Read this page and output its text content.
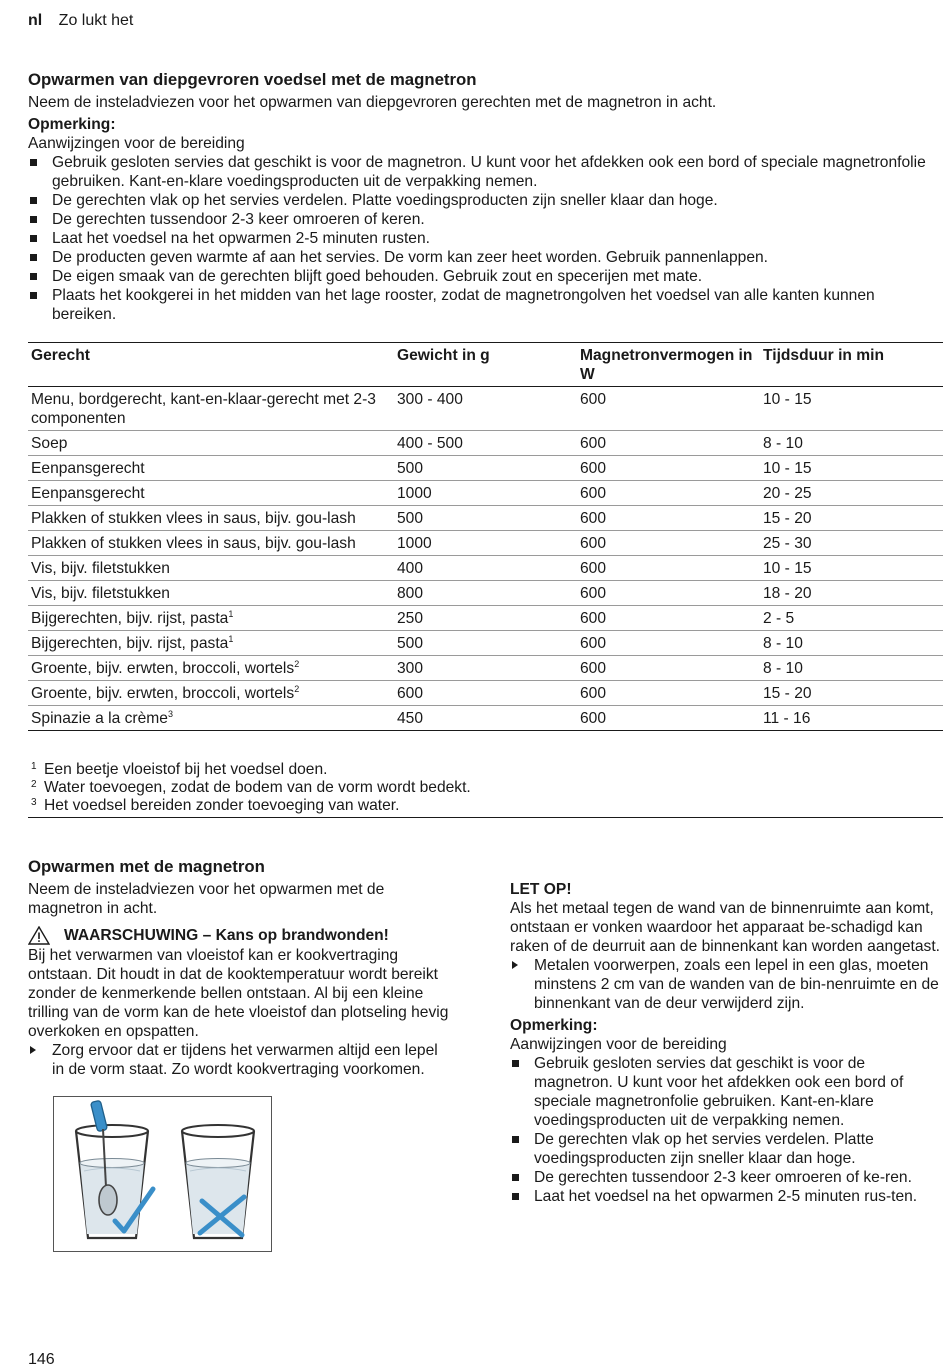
nl Zo lukt het
Opwarmen van diepgevroren voedsel met de magnetron

Neem de insteladviezen voor het opwarmen van diepgevroren gerechten met de magnetron in acht.

Opmerking:

Aanwijzingen voor de bereiding

Gebruik gesloten servies dat geschikt is voor de magnetron. U kunt voor het afdekken ook een bord of speciale magnetronfolie gebruiken. Kant-en-klare voedingsproducten uit de verpakking nemen.
De gerechten vlak op het servies verdelen. Platte voedingsproducten zijn sneller klaar dan hoge.
De gerechten tussendoor 2-3 keer omroeren of keren.
Laat het voedsel na het opwarmen 2-5 minuten rusten.
De producten geven warmte af aan het servies. De vorm kan zeer heet worden. Gebruik pannenlappen.
De eigen smaak van de gerechten blijft goed behouden. Gebruik zout en specerijen met mate.
Plaats het kookgerei in het midden van het lage rooster, zodat de magnetrongolven het voedsel van alle kanten kunnen bereiken.
Gerecht	Gewicht in g	Magnetronvermogen in W	Tijdsduur in min
Menu, bordgerecht, kant-en-klaar-gerecht met 2-3 componenten	300 - 400	600	10 - 15
Soep	400 - 500	600	8 - 10
Eenpansgerecht	500	600	10 - 15
Eenpansgerecht	1000	600	20 - 25
Plakken of stukken vlees in saus, bijv. gou-lash	500	600	15 - 20
Plakken of stukken vlees in saus, bijv. gou-lash	1000	600	25 - 30
Vis, bijv. filetstukken	400	600	10 - 15
Vis, bijv. filetstukken	800	600	18 - 20
Bijgerechten, bijv. rijst, pasta$^1$	250	600	2 - 5
Bijgerechten, bijv. rijst, pasta$^1$	500	600	8 - 10
Groente, bijv. erwten, broccoli, wortels$^2$	300	600	8 - 10
Groente, bijv. erwten, broccoli, wortels$^2$	600	600	15 - 20
Spinazie a la crème$^3$	450	600	11 - 16
1 Een beetje vloeistof bij het voedsel doen.
2 Water toevoegen, zodat de bodem van de vorm wordt bedekt.
3 Het voedsel bereiden zonder toevoeging van water.
Opwarmen met de magnetron

Neem de insteladviezen voor het opwarmen met de magnetron in acht.

WAARSCHUWING – Kans op brandwonden!

Bij het verwarmen van vloeistof kan er kookvertraging ontstaan. Dit houdt in dat de kooktemperatuur wordt bereikt zonder de kenmerkende bellen ontstaan. Al bij een kleine trilling van de vorm kan de hete vloeistof dan plotseling hevig overkoken en opspatten.

Zorg ervoor dat er tijdens het verwarmen altijd een lepel in de vorm staat. Zo wordt kookvertraging voorkomen.

LET OP!

Als het metaal tegen de wand van de binnenruimte aan komt, ontstaan er vonken waardoor het apparaat be-schadigd kan raken of de deurruit aan de binnenkant kan worden aangetast.

Metalen voorwerpen, zoals een lepel in een glas, moeten minstens 2 cm van de wanden van de bin-nenruimte en de binnenkant van de deur verwijderd zijn.

Opmerking:

Aanwijzingen voor de bereiding

Gebruik gesloten servies dat geschikt is voor de magnetron. U kunt voor het afdekken ook een bord of speciale magnetronfolie gebruiken. Kant-en-klare voedingsproducten uit de verpakking nemen.
De gerechten vlak op het servies verdelen. Platte voedingsproducten zijn sneller klaar dan hoge.
De gerechten tussendoor 2-3 keer omroeren of ke-ren.
Laat het voedsel na het opwarmen 2-5 minuten rus-ten.
146
